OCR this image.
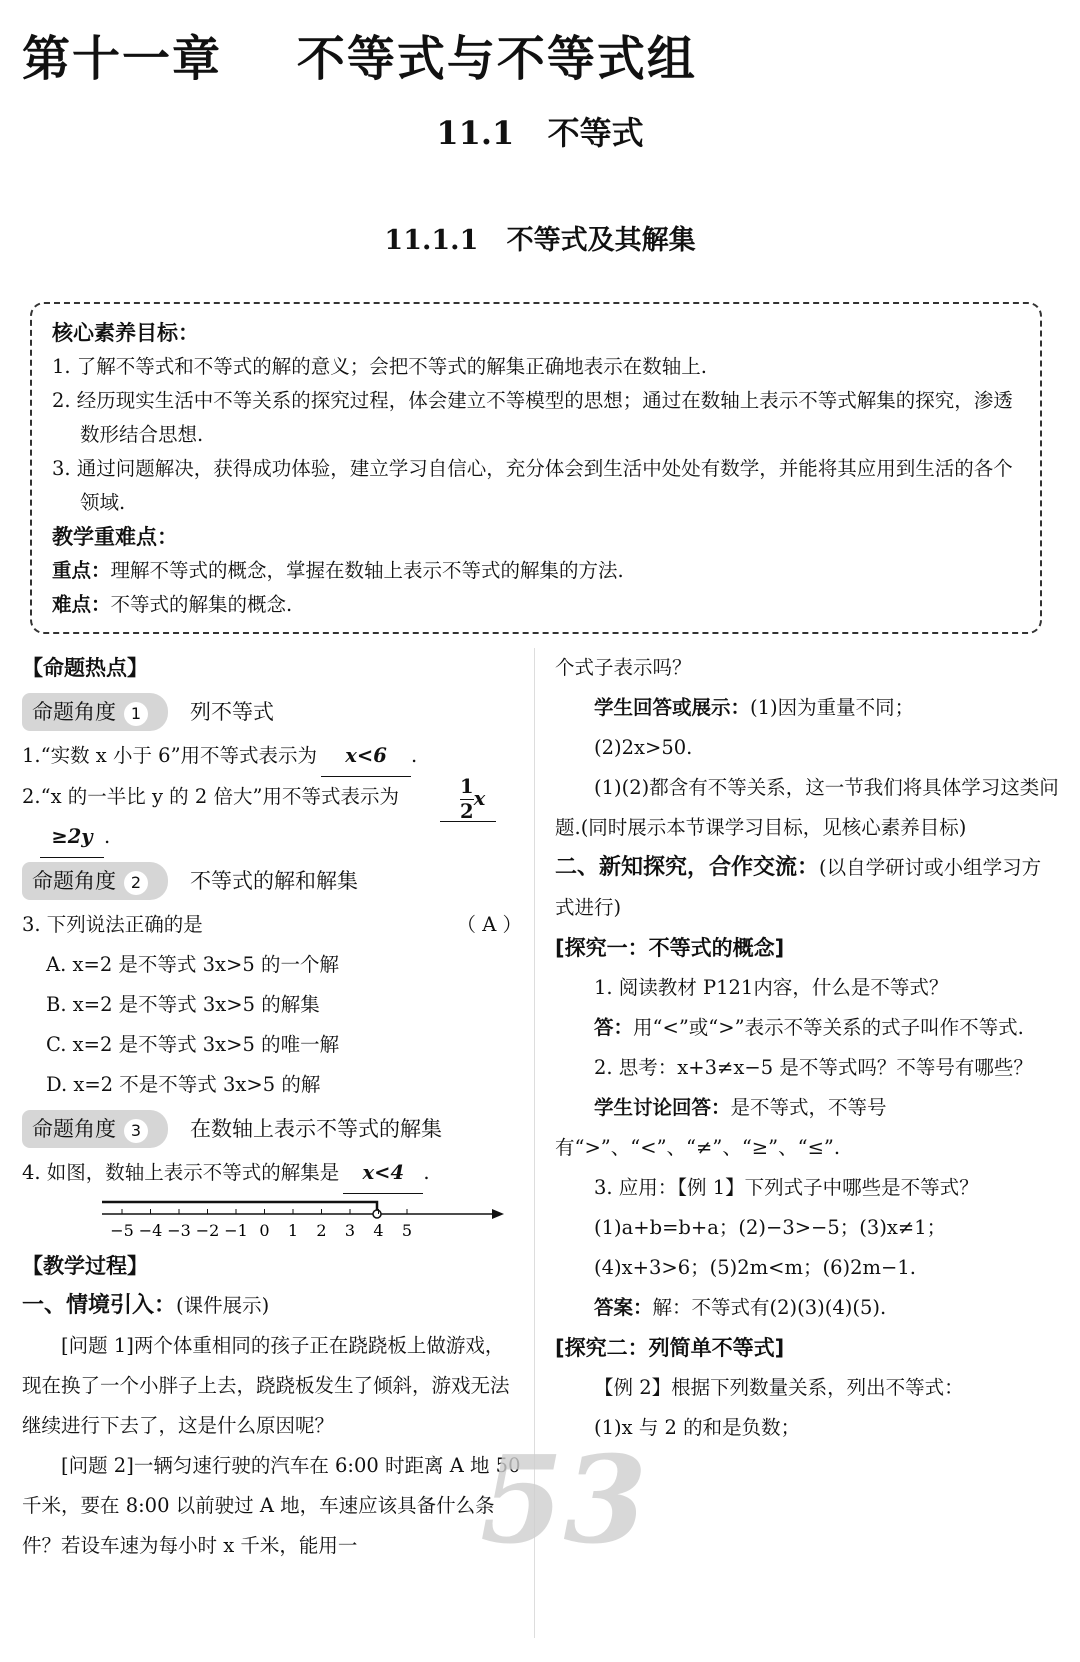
第十一章    不等式与不等式组
11.1   不等式
11.1.1   不等式及其解集
核心素养目标：
1. 了解不等式和不等式的解的意义；会把不等式的解集正确地表示在数轴上.
2. 经历现实生活中不等关系的探究过程，体会建立不等模型的思想；通过在数轴上表示不等式解集的探究，渗透数形结合思想.
3. 通过问题解决，获得成功体验，建立学习自信心，充分体会到生活中处处有数学，并能将其应用到生活的各个领域.
教学重难点：
重点：理解不等式的概念，掌握在数轴上表示不等式的解集的方法.
难点：不等式的解集的概念.
【命题热点】
命题角度 1	列不等式
1.“实数 x 小于 6”用不等式表示为 x<6 .
2.“x 的一半比 y 的 2 倍大”用不等式表示为	$\frac{1}{2}$ x
≥2y .
命题角度 2	不等式的解和解集
3. 下列说法正确的是	（ A ）
A. x=2 是不等式 3x>5 的一个解
B. x=2 是不等式 3x>5 的解集
C. x=2 是不等式 3x>5 的唯一解
D. x=2 不是不等式 3x>5 的解
命题角度 3	在数轴上表示不等式的解集
4. 如图，数轴上表示不等式的解集是 x<4 .
−5 −4 −3 −2 −1 0 1 2 3 4 5
【教学过程】
一、情境引入：(课件展示)
[问题 1]两个体重相同的孩子正在跷跷板上做游戏，现在换了一个小胖子上去，跷跷板发生了倾斜，游戏无法继续进行下去了，这是什么原因呢？
[问题 2]一辆匀速行驶的汽车在 6:00 时距离 A 地 50 千米，要在 8:00 以前驶过 A 地，车速应该具备什么条件？若设车速为每小时 x 千米，能用一
个式子表示吗？
学生回答或展示：(1)因为重量不同；
(2)2x>50.
(1)(2)都含有不等关系，这一节我们将具体学习这类问题.(同时展示本节课学习目标，见核心素养目标)
二、新知探究，合作交流：(以自学研讨或小组学习方式进行)
[探究一：不等式的概念]
1. 阅读教材 P121内容，什么是不等式？
答：用“<”或“>”表示不等关系的式子叫作不等式.
2. 思考：x+3≠x−5 是不等式吗？不等号有哪些？
学生讨论回答：是不等式，不等号有“>”、“<”、“≠”、“≥”、“≤”.
3. 应用：【例 1】下列式子中哪些是不等式？
(1)a+b=b+a；(2)−3>−5；(3)x≠1；
(4)x+3>6；(5)2m<m；(6)2m−1.
答案：解：不等式有(2)(3)(4)(5).
[探究二：列简单不等式]
【例 2】根据下列数量关系，列出不等式：
(1)x 与 2 的和是负数；
53
